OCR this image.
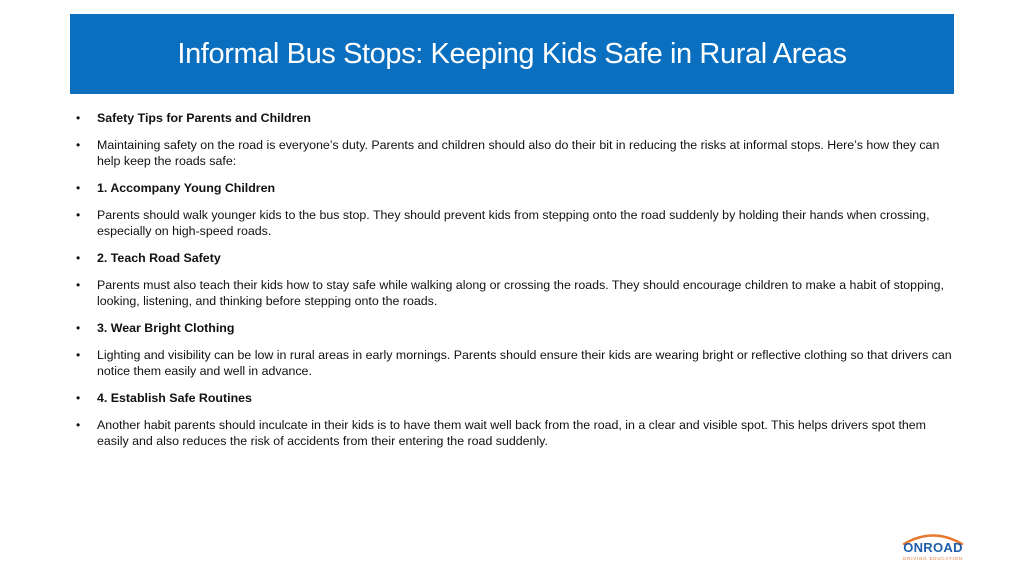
Informal Bus Stops: Keeping Kids Safe in Rural Areas
•	Safety Tips for Parents and Children
•	Maintaining safety on the road is everyone’s duty. Parents and children should also do their bit in reducing the risks at informal stops. Here’s how they can help keep the roads safe:
•	1. Accompany Young Children
•	Parents should walk younger kids to the bus stop. They should prevent kids from stepping onto the road suddenly by holding their hands when crossing, especially on high-speed roads.
•	2. Teach Road Safety
•	Parents must also teach their kids how to stay safe while walking along or crossing the roads. They should encourage children to make a habit of stopping, looking, listening, and thinking before stepping onto the roads.
•	3. Wear Bright Clothing
•	Lighting and visibility can be low in rural areas in early mornings. Parents should ensure their kids are wearing bright or reflective clothing so that drivers can notice them easily and well in advance.
•	4. Establish Safe Routines
•	Another habit parents should inculcate in their kids is to have them wait well back from the road, in a clear and visible spot. This helps drivers spot them easily and also reduces the risk of accidents from their entering the road suddenly.
ONROAD
DRIVING EDUCATION
